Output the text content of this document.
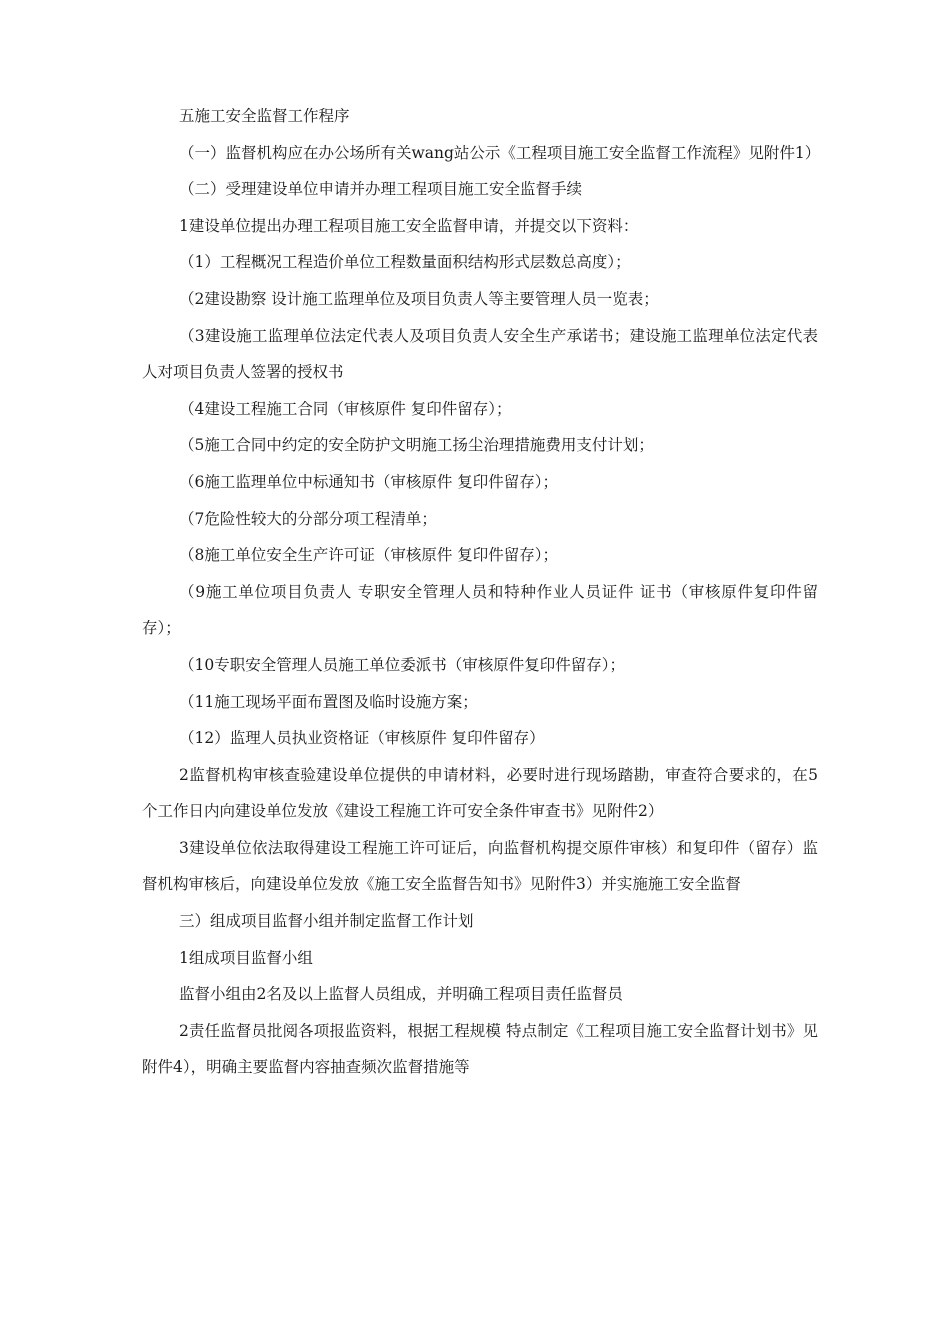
五施工安全监督工作程序

（一）监督机构应在办公场所有关wang站公示《工程项目施工安全监督工作流程》见附件1）

（二）受理建设单位申请并办理工程项目施工安全监督手续

1建设单位提出办理工程项目施工安全监督申请，并提交以下资料：

（1）工程概况工程造价单位工程数量面积结构形式层数总高度）；

（2建设勘察 设计施工监理单位及项目负责人等主要管理人员一览表；

（3建设施工监理单位法定代表人及项目负责人安全生产承诺书；建设施工监理单位法定代表人对项目负责人签署的授权书

（4建设工程施工合同（审核原件 复印件留存）；

（5施工合同中约定的安全防护文明施工扬尘治理措施费用支付计划；

（6施工监理单位中标通知书（审核原件 复印件留存）；

（7危险性较大的分部分项工程清单；

（8施工单位安全生产许可证（审核原件 复印件留存）；

（9施工单位项目负责人 专职安全管理人员和特种作业人员证件 证书（审核原件复印件留存）；

（10专职安全管理人员施工单位委派书（审核原件复印件留存）；

（11施工现场平面布置图及临时设施方案；

（12）监理人员执业资格证（审核原件 复印件留存）

2监督机构审核查验建设单位提供的申请材料，必要时进行现场踏勘，审查符合要求的，在5个工作日内向建设单位发放《建设工程施工许可安全条件审查书》见附件2）

3建设单位依法取得建设工程施工许可证后，向监督机构提交原件审核）和复印件（留存）监督机构审核后，向建设单位发放《施工安全监督告知书》见附件3）并实施施工安全监督

三）组成项目监督小组并制定监督工作计划

1组成项目监督小组

监督小组由2名及以上监督人员组成，并明确工程项目责任监督员

2责任监督员批阅各项报监资料，根据工程规模 特点制定《工程项目施工安全监督计划书》见附件4），明确主要监督内容抽查频次监督措施等
